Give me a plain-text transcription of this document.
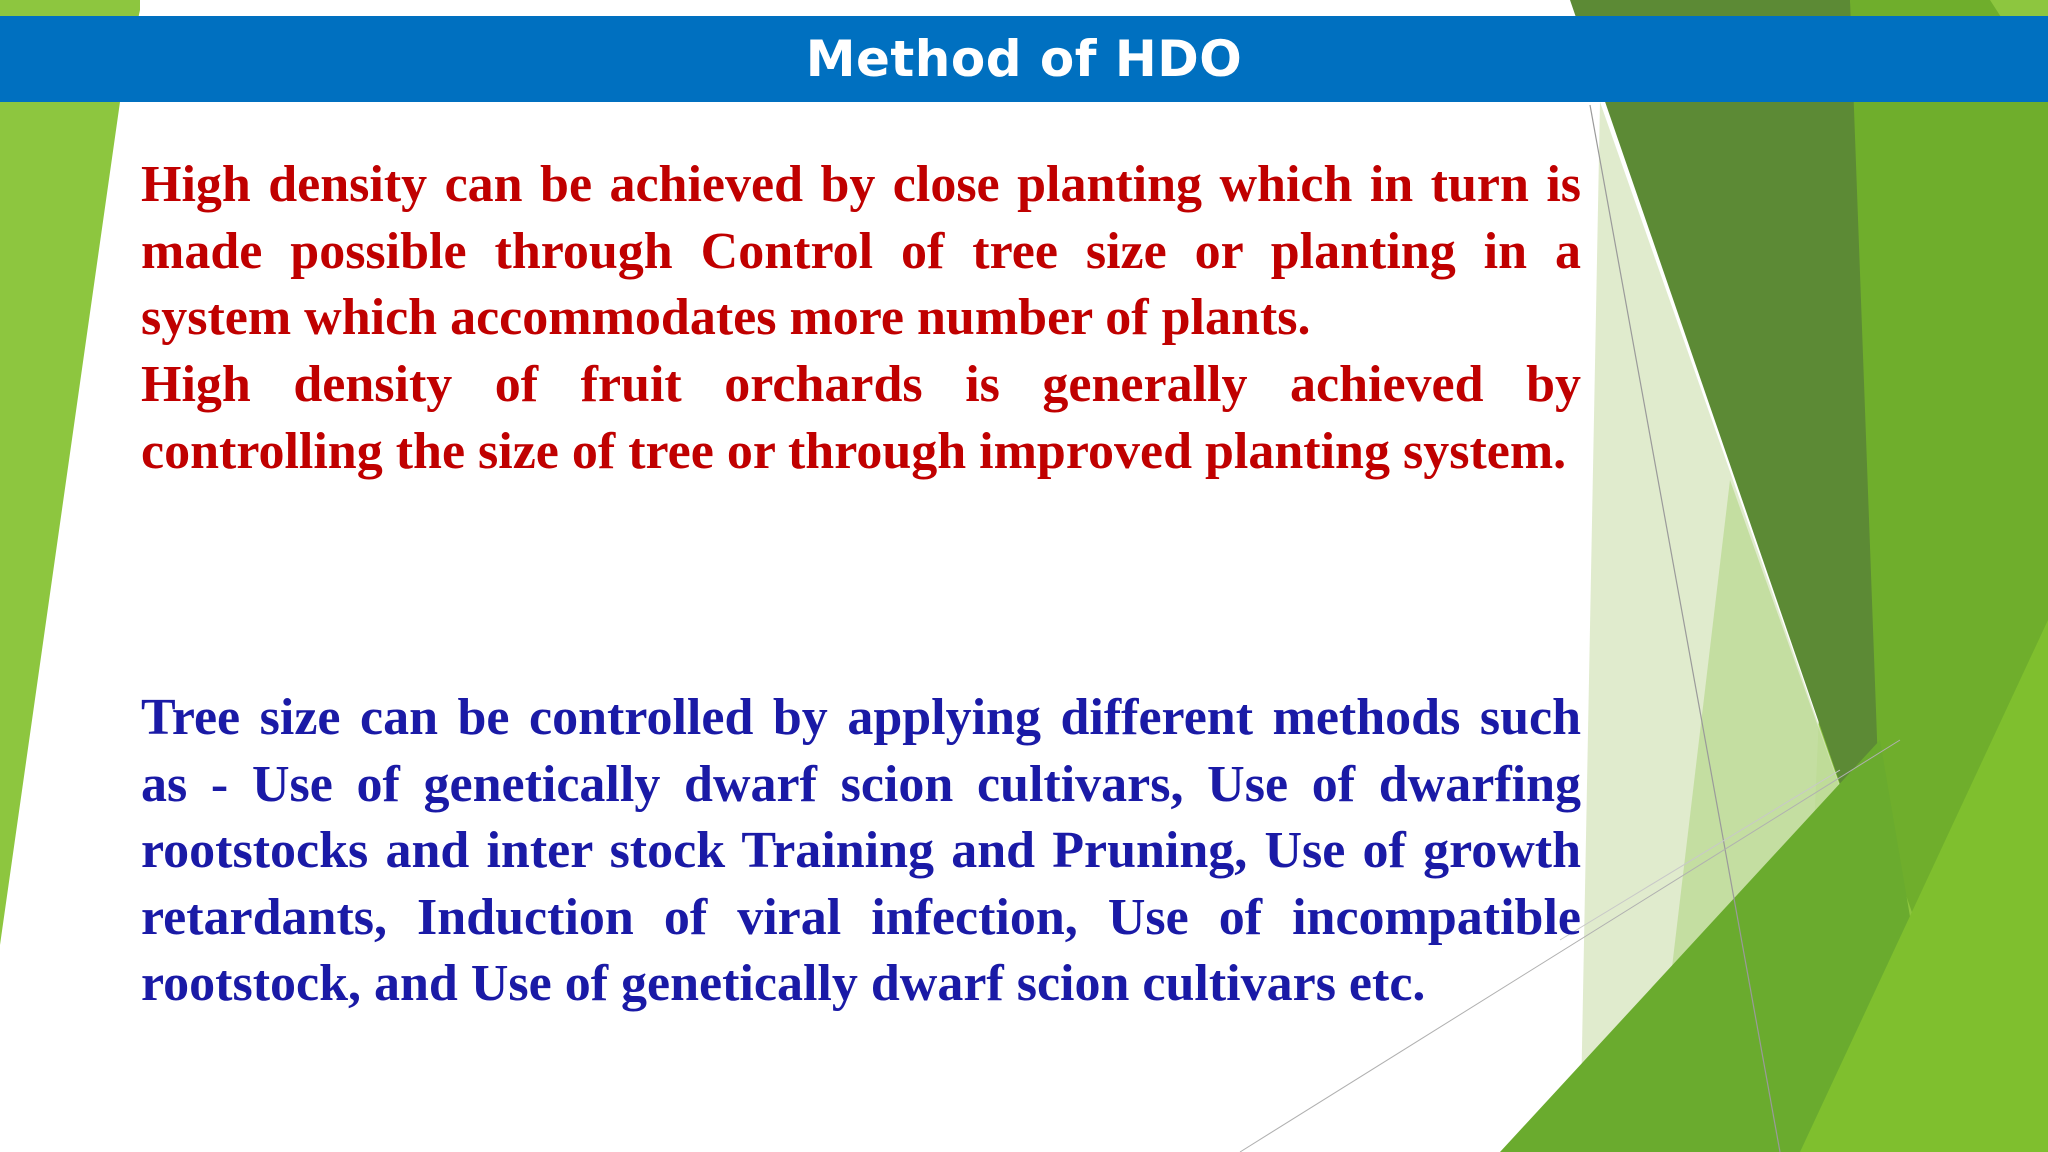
Method of HDO

High density can be achieved by close planting which in turn is made possible through Control of tree size or planting in a system which accommodates more number of plants.

High density of fruit orchards is generally achieved by controlling the size of tree or through improved planting system.

Tree size can be controlled by applying different methods such as - Use of genetically dwarf scion cultivars, Use of dwarfing rootstocks and inter stock Training and Pruning, Use of growth retardants, Induction of viral infection, Use of incompatible rootstock, and Use of genetically dwarf scion cultivars etc.
